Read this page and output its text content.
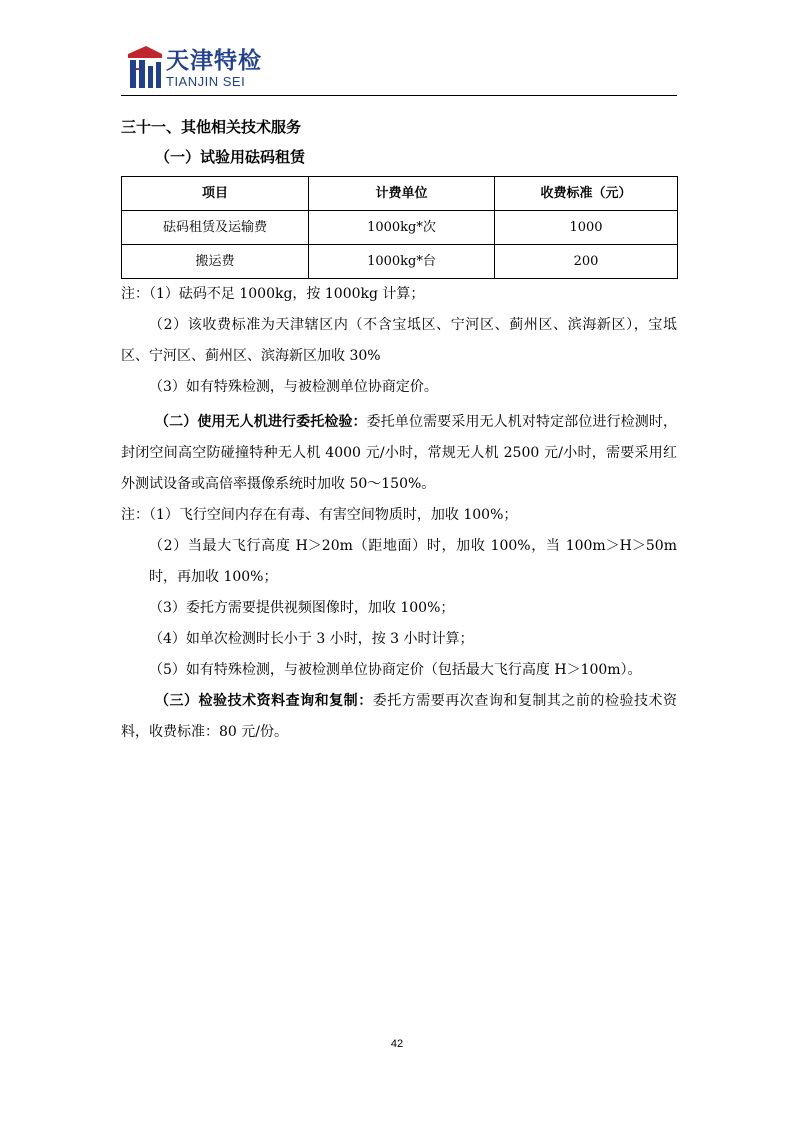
天津特检
TIANJIN SEI
三十一、其他相关技术服务
（一）试验用砝码租赁
项目	计费单位	收费标准（元）
砝码租赁及运输费	1000kg*次	1000
搬运费	1000kg*台	200

注：（1）砝码不足 1000kg，按 1000kg 计算；

（2）该收费标准为天津辖区内（不含宝坻区、宁河区、蓟州区、滨海新区），宝坻区、宁河区、蓟州区、滨海新区加收 30%

（3）如有特殊检测，与被检测单位协商定价。

（二）使用无人机进行委托检验：委托单位需要采用无人机对特定部位进行检测时，封闭空间高空防碰撞特种无人机 4000 元/小时，常规无人机 2500 元/小时，需要采用红外测试设备或高倍率摄像系统时加收 50～150%。

注：（1）飞行空间内存在有毒、有害空间物质时，加收 100%；

（2）当最大飞行高度 H＞20m（距地面）时，加收 100%，当 100m＞H＞50m 时，再加收 100%；

（3）委托方需要提供视频图像时，加收 100%；

（4）如单次检测时长小于 3 小时，按 3 小时计算；

（5）如有特殊检测，与被检测单位协商定价（包括最大飞行高度 H＞100m）。

（三）检验技术资料查询和复制：委托方需要再次查询和复制其之前的检验技术资料，收费标准：80 元/份。

42
